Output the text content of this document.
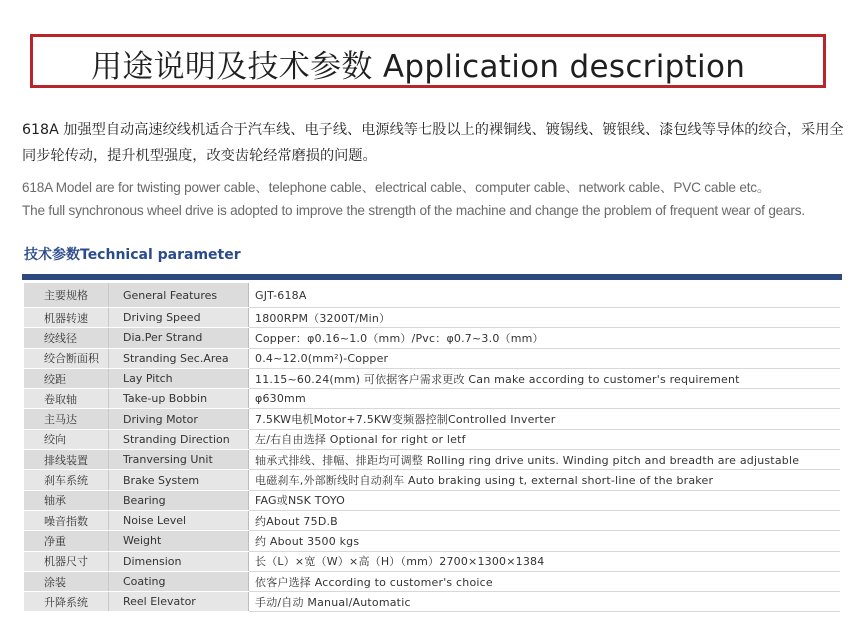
用途说明及技术参数 Application description
618A 加强型自动高速绞线机适合于汽车线、电子线、电源线等七股以上的裸铜线、镀锡线、镀银线、漆包线等导体的绞合，采用全同步轮传动，提升机型强度，改变齿轮经常磨损的问题。
618A Model are for twisting power cable、telephone cable、electrical cable、computer cable、network cable、PVC cable etc。
The full synchronous wheel drive is adopted to improve the strength of the machine and change the problem of frequent wear of gears.
技术参数Technical parameter
主要规格	General Features	GJT-618A
机器转速	Driving Speed	1800RPM（3200T/Min）
绞线径	Dia.Per Strand	Copper：φ0.16~1.0（mm）/Pvc：φ0.7~3.0（mm）
绞合断面积	Stranding Sec.Area	0.4~12.0(mm²)-Copper
绞距	Lay Pitch	11.15~60.24(mm) 可依据客户需求更改 Can make according to customer's requirement
卷取轴	Take-up Bobbin	φ630mm
主马达	Driving Motor	7.5KW电机Motor+7.5KW变频器控制Controlled Inverter
绞向	Stranding Direction	左/右自由选择 Optional for right or letf
排线装置	Tranversing Unit	轴承式排线、排幅、排距均可调整 Rolling ring drive units. Winding pitch and breadth are adjustable
刹车系统	Brake System	电磁刹车,外部断线时自动刹车 Auto braking using t, external short-line of the braker
轴承	Bearing	FAG或NSK TOYO
噪音指数	Noise Level	约About 75D.B
净重	Weight	约 About 3500 kgs
机器尺寸	Dimension	长（L）×宽（W）×高（H）（mm）2700×1300×1384
涂装	Coating	依客户选择 According to customer's choice
升降系统	Reel Elevator	手动/自动 Manual/Automatic
